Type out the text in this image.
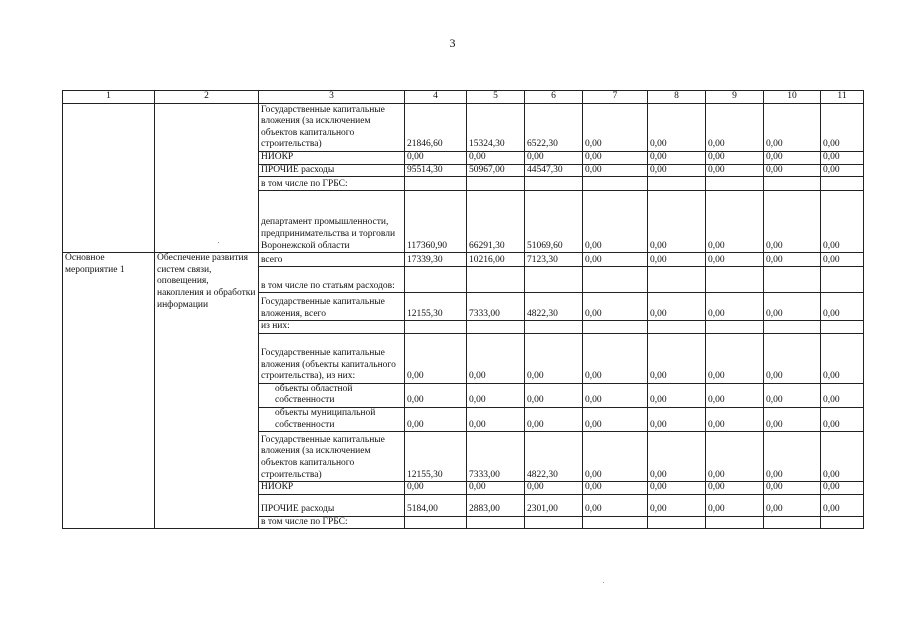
3
1	2	3	4	5	6	7	8	9	10	11

		Государственные капитальные вложения (за исключением объектов капитального строительства)	21846,60	15324,30	6522,30	0,00	0,00	0,00	0,00	0,00

		НИОКР	0,00	0,00	0,00	0,00	0,00	0,00	0,00	0,00

		ПРОЧИЕ расходы	95514,30	50967,00	44547,30	0,00	0,00	0,00	0,00	0,00

		в том числе по ГРБС:								

		департамент промышленности, предпринимательства и торговли Воронежской области	117360,90	66291,30	51069,60	0,00	0,00	0,00	0,00	0,00
Основное мероприятие 1	Обеспечение развития систем связи, оповещения, накопления и обработки информации	всего	17339,30	10216,00	7123,30	0,00	0,00	0,00	0,00	0,00

		в том числе по статьям расходов:								

		Государственные капитальные вложения, всего	12155,30	7333,00	4822,30	0,00	0,00	0,00	0,00	0,00

		из них:								

		Государственные капитальные вложения (объекты капитального строительства), из них:	0,00	0,00	0,00	0,00	0,00	0,00	0,00	0,00

		объекты областной собственности	0,00	0,00	0,00	0,00	0,00	0,00	0,00	0,00

		объекты муниципальной собственности	0,00	0,00	0,00	0,00	0,00	0,00	0,00	0,00

		Государственные капитальные вложения (за исключением объектов капитального строительства)	12155,30	7333,00	4822,30	0,00	0,00	0,00	0,00	0,00

		НИОКР	0,00	0,00	0,00	0,00	0,00	0,00	0,00	0,00

		ПРОЧИЕ расходы	5184,00	2883,00	2301,00	0,00	0,00	0,00	0,00	0,00

		в том числе по ГРБС:								
